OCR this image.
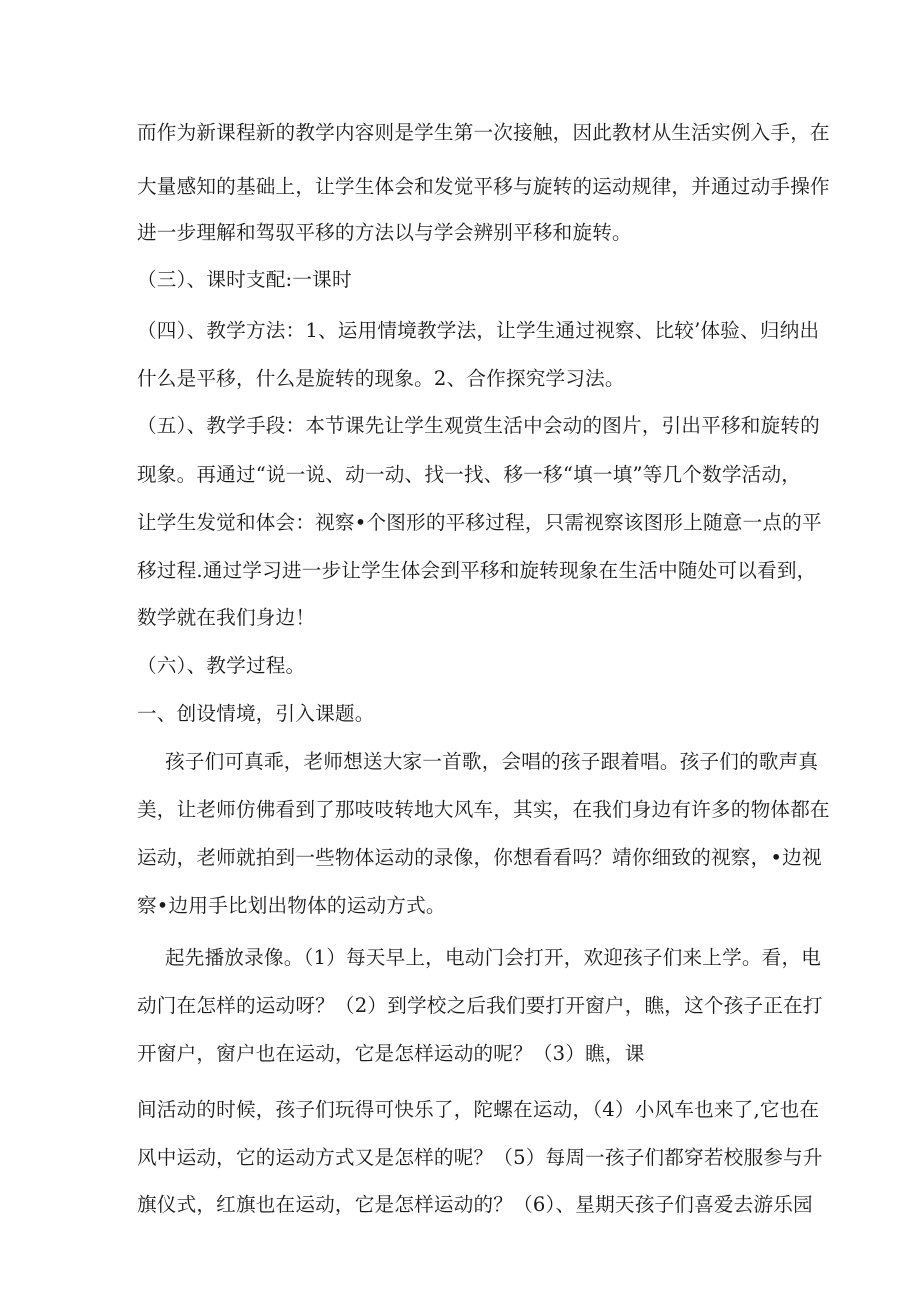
而作为新课程新的教学内容则是学生第一次接触，因此教材从生活实例入手，在
大量感知的基础上，让学生体会和发觉平移与旋转的运动规律，并通过动手操作
进一步理解和驾驭平移的方法以与学会辨别平移和旋转。
（三）、课时支配:一课时
（四）、教学方法：1、运用情境教学法，让学生通过视察、比较’体验、归纳出
什么是平移，什么是旋转的现象。2、合作探究学习法。
（五）、教学手段：本节课先让学生观赏生活中会动的图片，引出平移和旋转的
现象。再通过“说一说、动一动、找一找、移一移“填一填”等几个数学活动，
让学生发觉和体会：视察•个图形的平移过程，只需视察该图形上随意一点的平
移过程.通过学习进一步让学生体会到平移和旋转现象在生活中随处可以看到，
数学就在我们身边！
（六）、教学过程。
一、创设情境，引入课题。
孩子们可真乖，老师想送大家一首歌，会唱的孩子跟着唱。孩子们的歌声真
美，让老师仿佛看到了那吱吱转地大风车，其实，在我们身边有许多的物体都在
运动，老师就拍到一些物体运动的录像，你想看看吗？靖你细致的视察，•边视
察•边用手比划出物体的运动方式。
起先播放录像。（1）每天早上，电动门会打开，欢迎孩子们来上学。看，电
动门在怎样的运动呀？（2）到学校之后我们要打开窗户，瞧，这个孩子正在打
开窗户，窗户也在运动，它是怎样运动的呢？（3）瞧，课
间活动的时候，孩子们玩得可快乐了，陀螺在运动，（4）小风车也来了,它也在
风中运动，它的运动方式又是怎样的呢？（5）每周一孩子们都穿若校服参与升
旗仪式，红旗也在运动，它是怎样运动的？（6）、星期天孩子们喜爱去游乐园
